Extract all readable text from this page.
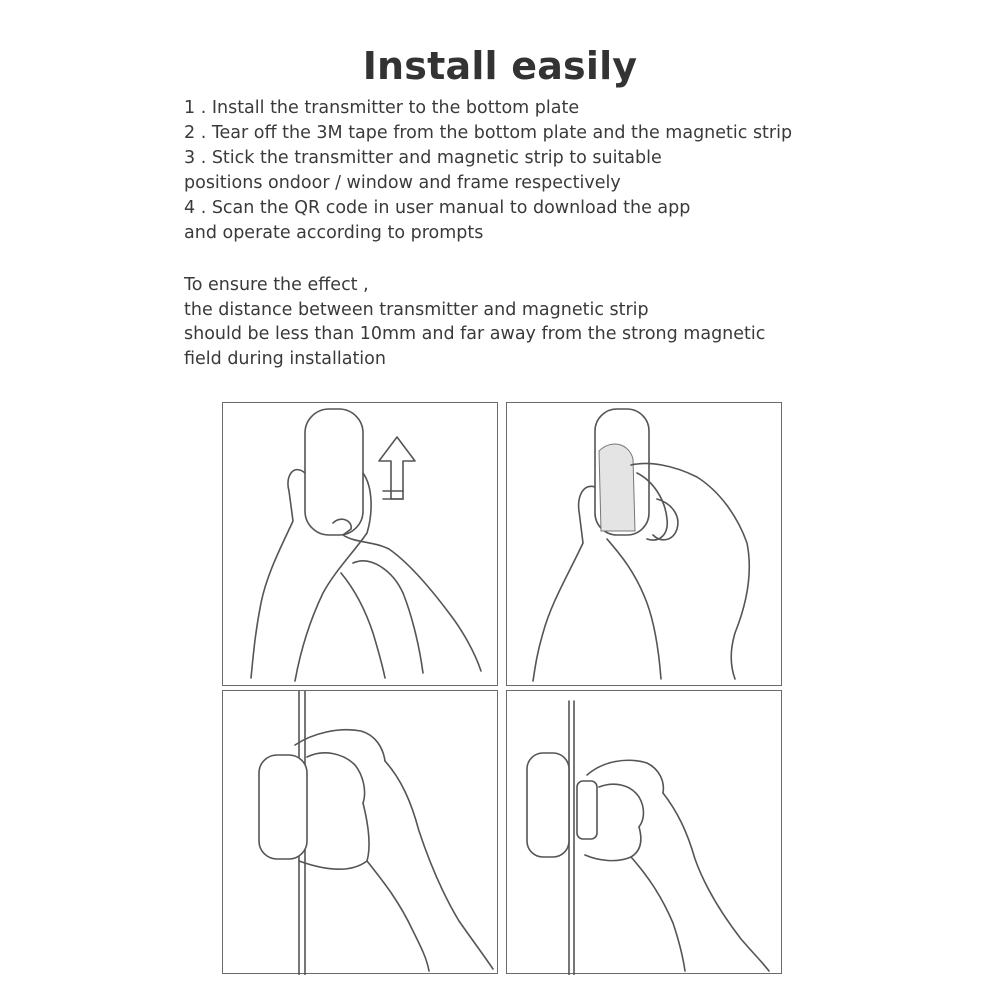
Install easily
1 . Install the transmitter to the bottom plate
2 . Tear off the 3M tape from the bottom plate and the magnetic strip
3 . Stick the transmitter and magnetic strip to suitable
positions ondoor / window and frame respectively
4 . Scan the QR code in user manual to download the app
and operate according to prompts
To ensure the effect ,
the distance between transmitter and magnetic strip
should be less than 10mm and far away from the strong magnetic
field during installation
